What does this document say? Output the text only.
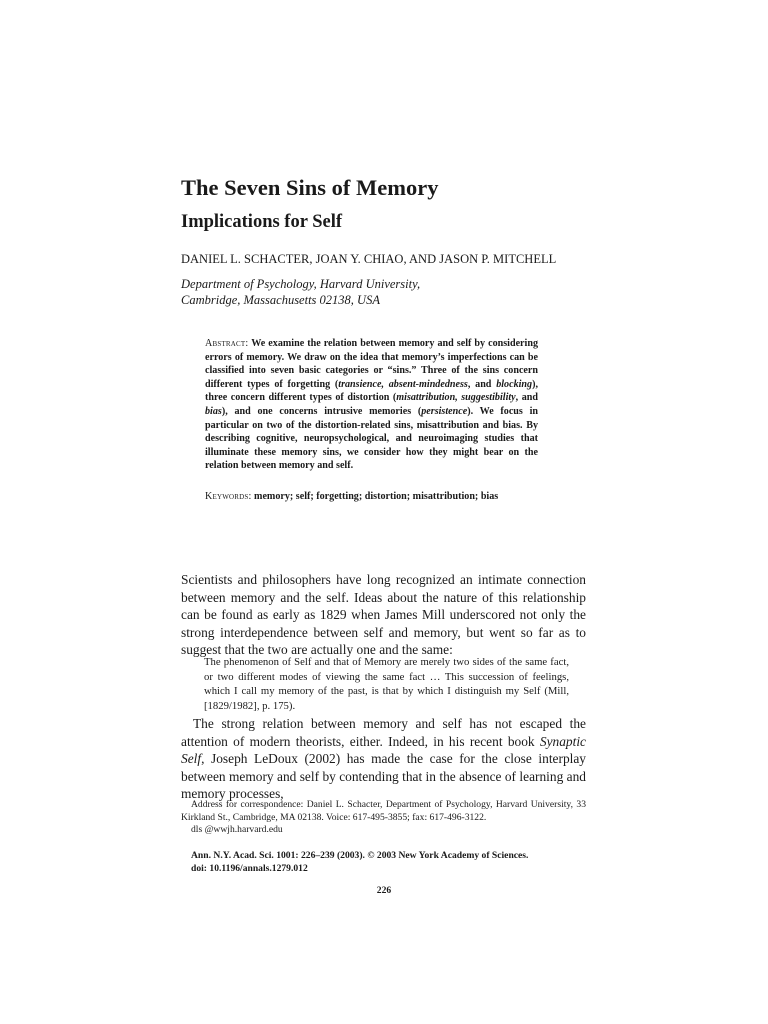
The Seven Sins of Memory
Implications for Self
DANIEL L. SCHACTER, JOAN Y. CHIAO, AND JASON P. MITCHELL
Department of Psychology, Harvard University,
Cambridge, Massachusetts 02138, USA
Abstract: We examine the relation between memory and self by considering errors of memory. We draw on the idea that memory’s imperfections can be classified into seven basic categories or “sins.” Three of the sins concern different types of forgetting (transience, absent-mindedness, and blocking), three concern different types of distortion (misattribution, suggestibility, and bias), and one concerns intrusive memories (persistence). We focus in particular on two of the distortion-related sins, misattribution and bias. By describing cognitive, neuropsychological, and neuroimaging studies that illuminate these memory sins, we consider how they might bear on the relation between memory and self.
Keywords: memory; self; forgetting; distortion; misattribution; bias
Scientists and philosophers have long recognized an intimate connection between memory and the self. Ideas about the nature of this relationship can be found as early as 1829 when James Mill underscored not only the strong interdependence between self and memory, but went so far as to suggest that the two are actually one and the same:
The phenomenon of Self and that of Memory are merely two sides of the same fact, or two different modes of viewing the same fact … This succession of feelings, which I call my memory of the past, is that by which I distinguish my Self (Mill, [1829/1982], p. 175).
The strong relation between memory and self has not escaped the attention of modern theorists, either. Indeed, in his recent book Synaptic Self, Joseph LeDoux (2002) has made the case for the close interplay between memory and self by contending that in the absence of learning and memory processes,
Address for correspondence: Daniel L. Schacter, Department of Psychology, Harvard University, 33 Kirkland St., Cambridge, MA 02138. Voice: 617-495-3855; fax: 617-496-3122.
dls @wwjh.harvard.edu
Ann. N.Y. Acad. Sci. 1001: 226–239 (2003). © 2003 New York Academy of Sciences.
doi: 10.1196/annals.1279.012
226
